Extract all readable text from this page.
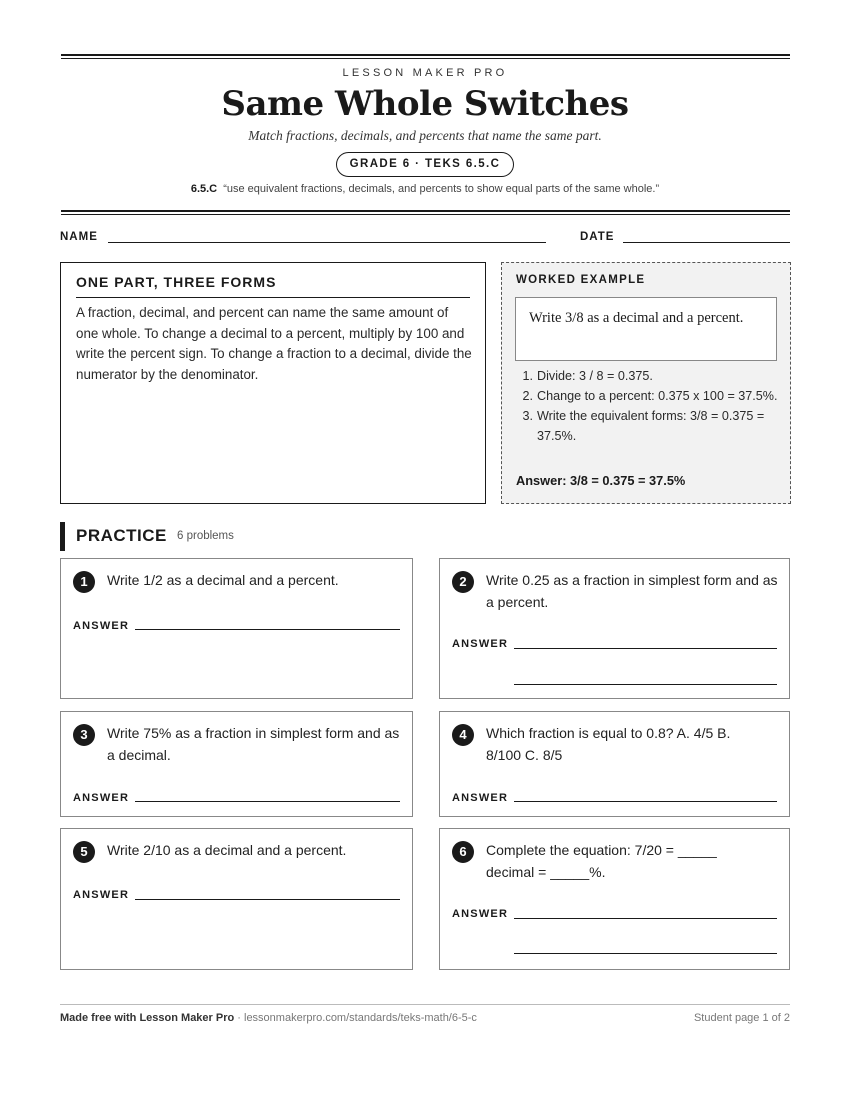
LESSON MAKER PRO
Same Whole Switches
Match fractions, decimals, and percents that name the same part.
GRADE 6 · TEKS 6.5.C
6.5.C “use equivalent fractions, decimals, and percents to show equal parts of the same whole.”
NAME	DATE
ONE PART, THREE FORMS

A fraction, decimal, and percent can name the same amount of one whole. To change a decimal to a percent, multiply by 100 and write the percent sign. To change a fraction to a decimal, divide the numerator by the denominator.

WORKED EXAMPLE
Write 3/8 as a decimal and a percent.
1. Divide: 3 / 8 = 0.375.
2. Change to a percent: 0.375 x 100 = 37.5%.
3. Write the equivalent forms: 3/8 = 0.375 = 37.5%.
Answer: 3/8 = 0.375 = 37.5%
PRACTICE 6 problems
1	Write 1/2 as a decimal and a percent.
ANSWER
2	Write 0.25 as a fraction in simplest form and as a percent.
ANSWER
3	Write 75% as a fraction in simplest form and as a decimal.
ANSWER
4	Which fraction is equal to 0.8? A. 4/5 B. 8/100 C. 8/5
ANSWER
5	Write 2/10 as a decimal and a percent.
ANSWER
6	Complete the equation: 7/20 = _____ decimal = _____%.
ANSWER
Made free with Lesson Maker Pro · lessonmakerpro.com/standards/teks-math/6-5-c	Student page 1 of 2
